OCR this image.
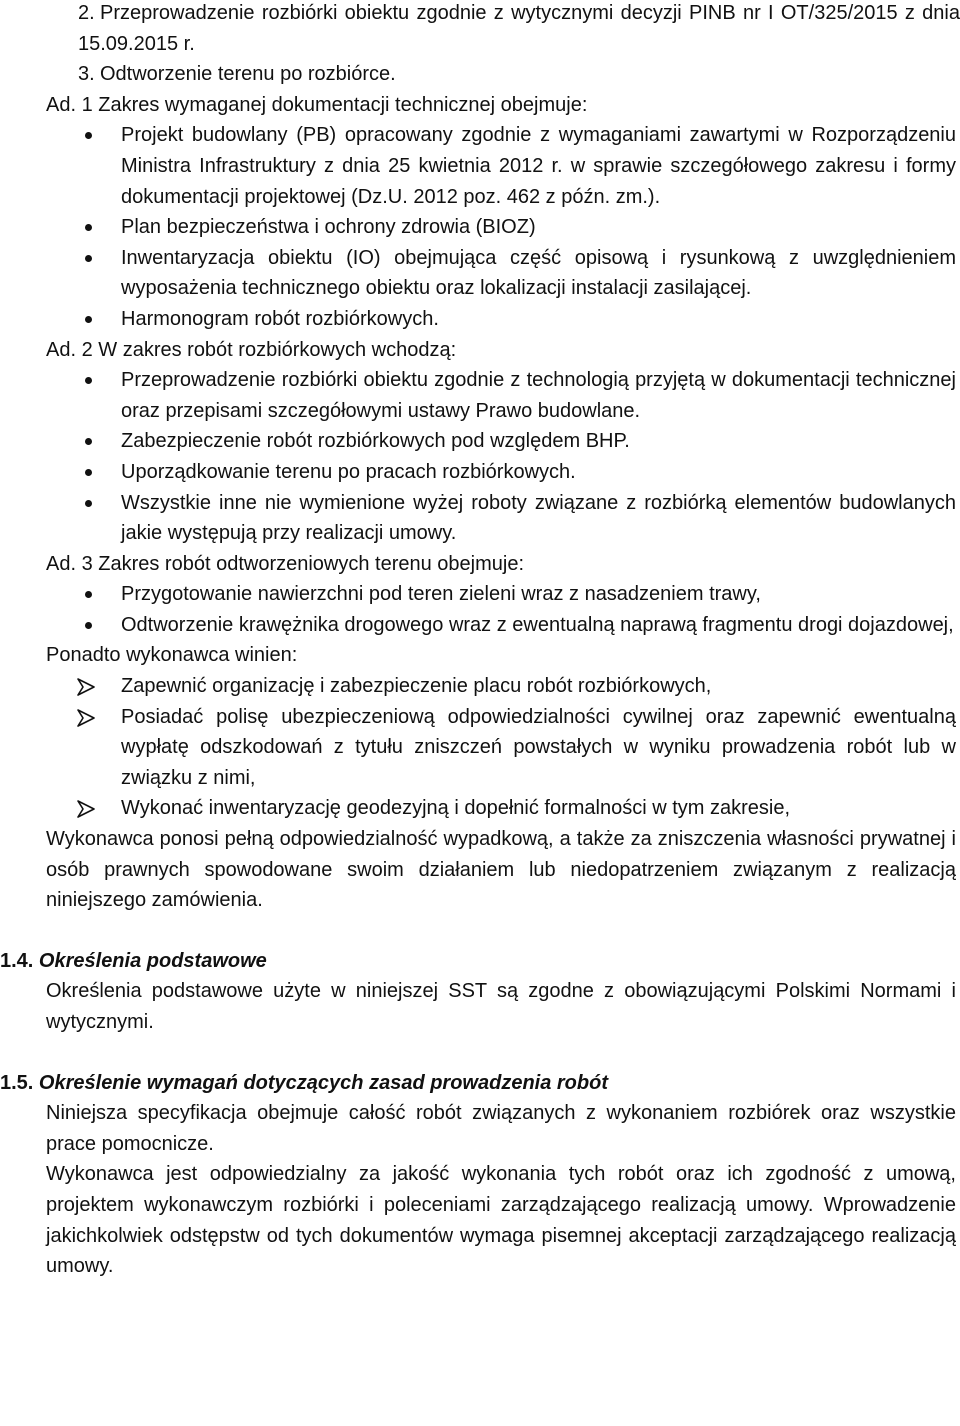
2. Przeprowadzenie rozbiórki obiektu zgodnie z wytycznymi decyzji PINB nr I OT/325/2015 z dnia 15.09.2015 r.
3. Odtworzenie terenu po rozbiórce.

Ad. 1 Zakres wymaganej dokumentacji technicznej obejmuje:

Projekt budowlany (PB) opracowany zgodnie z wymaganiami zawartymi w Rozporządzeniu Ministra Infrastruktury z dnia 25 kwietnia 2012 r. w sprawie szczegółowego zakresu i formy dokumentacji projektowej (Dz.U. 2012 poz. 462 z późn. zm.).
Plan bezpieczeństwa i ochrony zdrowia (BIOZ)
Inwentaryzacja obiektu (IO) obejmująca część opisową i rysunkową z uwzględnieniem wyposażenia technicznego obiektu oraz lokalizacji instalacji zasilającej.
Harmonogram robót rozbiórkowych.

Ad. 2 W zakres robót rozbiórkowych wchodzą:

Przeprowadzenie rozbiórki obiektu zgodnie z technologią przyjętą w dokumentacji technicznej oraz przepisami szczegółowymi ustawy Prawo budowlane.
Zabezpieczenie robót rozbiórkowych pod względem BHP.
Uporządkowanie terenu po pracach rozbiórkowych.
Wszystkie inne nie wymienione wyżej roboty związane z rozbiórką elementów budowlanych jakie występują przy realizacji umowy.

Ad. 3 Zakres robót odtworzeniowych terenu obejmuje:

Przygotowanie nawierzchni pod teren zieleni wraz z nasadzeniem trawy,
Odtworzenie krawężnika drogowego wraz z ewentualną naprawą fragmentu drogi dojazdowej,

Ponadto wykonawca winien:

Zapewnić organizację i zabezpieczenie placu robót rozbiórkowych,
Posiadać polisę ubezpieczeniową odpowiedzialności cywilnej oraz zapewnić ewentualną wypłatę odszkodowań z tytułu zniszczeń powstałych w wyniku prowadzenia robót lub w związku z nimi,
Wykonać inwentaryzację geodezyjną i dopełnić formalności w tym zakresie,

Wykonawca ponosi pełną odpowiedzialność wypadkową, a także za zniszczenia własności prywatnej i osób prawnych spowodowane swoim działaniem lub niedopatrzeniem związanym z realizacją niniejszego zamówienia.

1.4. Określenia podstawowe

Określenia podstawowe użyte w niniejszej SST są zgodne z obowiązującymi Polskimi Normami i wytycznymi.

1.5. Określenie wymagań dotyczących zasad prowadzenia robót

Niniejsza specyfikacja obejmuje całość robót związanych z wykonaniem rozbiórek oraz wszystkie prace pomocnicze.

Wykonawca jest odpowiedzialny za jakość wykonania tych robót oraz ich zgodność z umową, projektem wykonawczym rozbiórki i poleceniami zarządzającego realizacją umowy. Wprowadzenie jakichkolwiek odstępstw od tych dokumentów wymaga pisemnej akceptacji zarządzającego realizacją umowy.
